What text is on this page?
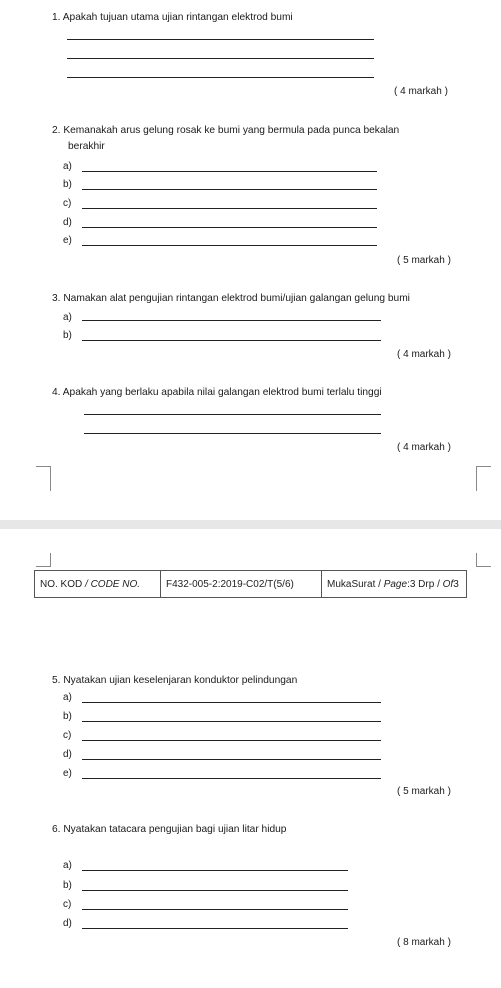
1. Apakah tujuan utama ujian rintangan elektrod bumi
( 4 markah )
2. Kemanakah arus gelung rosak ke bumi yang bermula pada punca bekalan
berakhir
a)
b)
c)
d)
e)
( 5 markah )
3. Namakan alat pengujian rintangan elektrod bumi/ujian galangan gelung bumi
a)
b)
( 4 markah )
4. Apakah yang berlaku apabila nilai galangan elektrod bumi terlalu tinggi
( 4 markah )
NO. KOD / CODE NO.	F432-005-2:2019-C02/T(5/6)	MukaSurat / Page:3 Drp / Of3
5. Nyatakan ujian keselenjaran konduktor pelindungan
a)
b)
c)
d)
e)
( 5 markah )
6. Nyatakan tatacara pengujian bagi ujian litar hidup
a)
b)
c)
d)
( 8 markah )
